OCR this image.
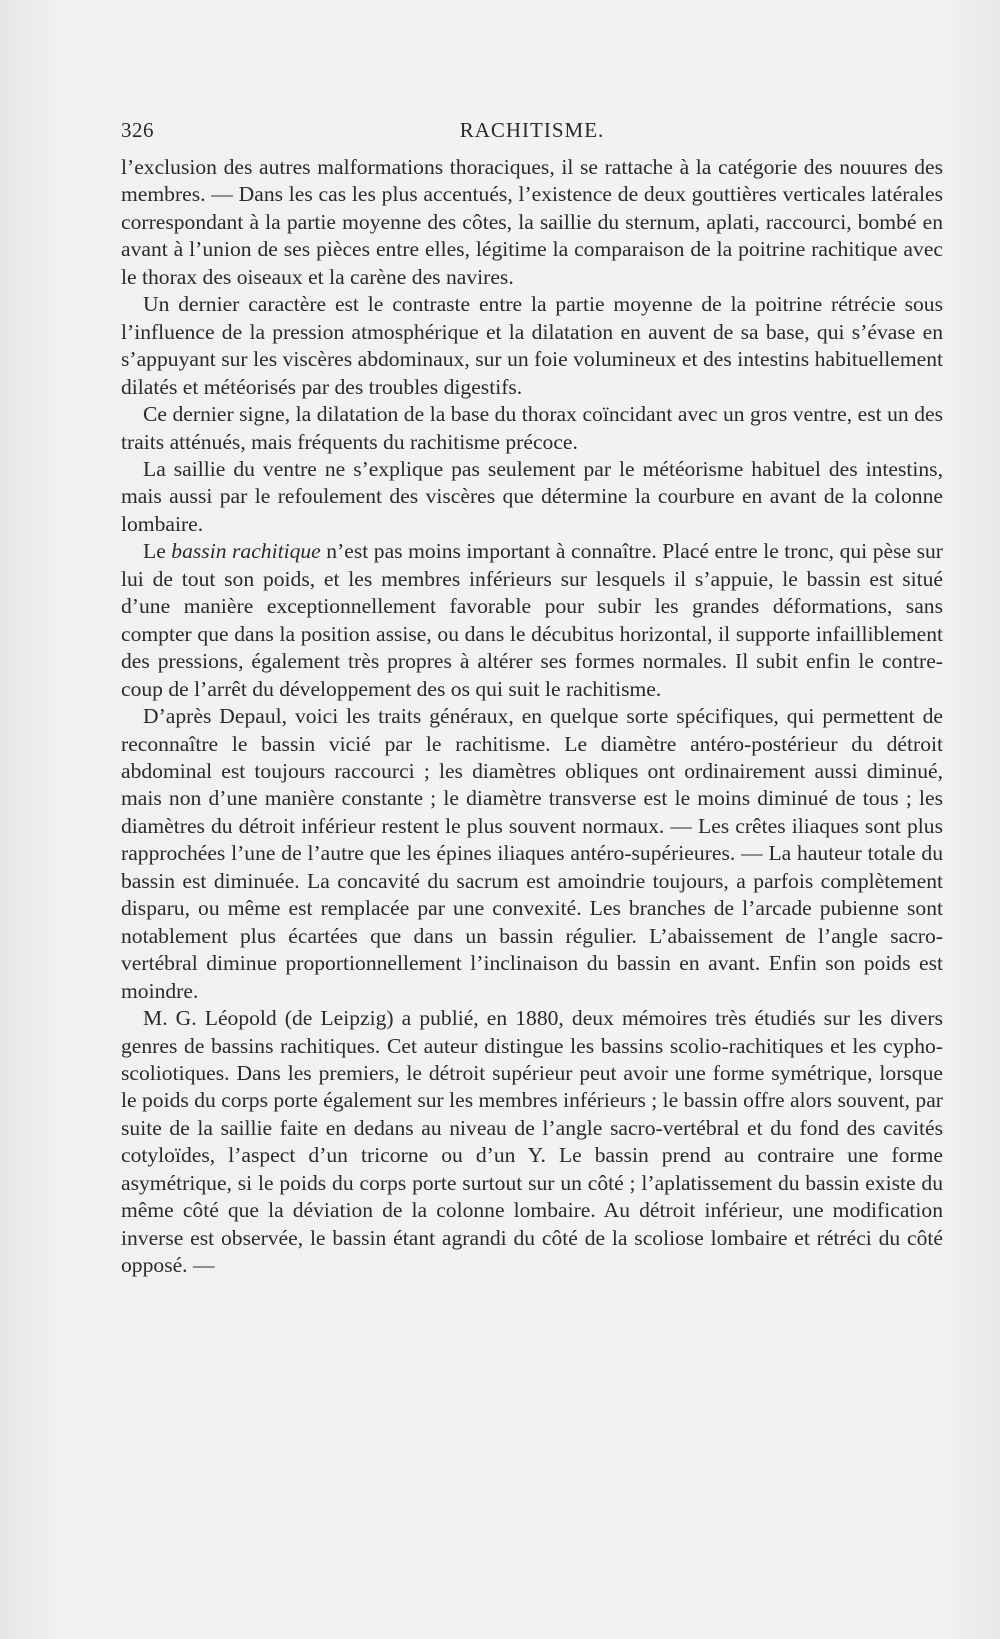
326	RACHITISME.

l’exclusion des autres malformations thoraciques, il se rattache à la catégorie des nouures des membres. — Dans les cas les plus accentués, l’existence de deux gouttières verticales latérales correspondant à la partie moyenne des côtes, la saillie du sternum, aplati, raccourci, bombé en avant à l’union de ses pièces entre elles, légitime la comparaison de la poitrine rachitique avec le thorax des oiseaux et la carène des navires.

Un dernier caractère est le contraste entre la partie moyenne de la poitrine rétrécie sous l’influence de la pression atmosphérique et la dilatation en auvent de sa base, qui s’évase en s’appuyant sur les viscères abdominaux, sur un foie volumineux et des intestins habituellement dilatés et météorisés par des troubles digestifs.

Ce dernier signe, la dilatation de la base du thorax coïncidant avec un gros ventre, est un des traits atténués, mais fréquents du rachitisme précoce.

La saillie du ventre ne s’explique pas seulement par le météorisme habituel des intestins, mais aussi par le refoulement des viscères que détermine la courbure en avant de la colonne lombaire.

Le bassin rachitique n’est pas moins important à connaître. Placé entre le tronc, qui pèse sur lui de tout son poids, et les membres inférieurs sur lesquels il s’appuie, le bassin est situé d’une manière exceptionnellement favorable pour subir les grandes déformations, sans compter que dans la position assise, ou dans le décubitus horizontal, il supporte infailliblement des pressions, également très propres à altérer ses formes normales. Il subit enfin le contre-coup de l’arrêt du développement des os qui suit le rachitisme.

D’après Depaul, voici les traits généraux, en quelque sorte spécifiques, qui permettent de reconnaître le bassin vicié par le rachitisme. Le diamètre antéro-postérieur du détroit abdominal est toujours raccourci ; les diamètres obliques ont ordinairement aussi diminué, mais non d’une manière constante ; le diamètre transverse est le moins diminué de tous ; les diamètres du détroit inférieur restent le plus souvent normaux. — Les crêtes iliaques sont plus rapprochées l’une de l’autre que les épines iliaques antéro-supérieures. — La hauteur totale du bassin est diminuée. La concavité du sacrum est amoindrie toujours, a parfois complètement disparu, ou même est remplacée par une convexité. Les branches de l’arcade pubienne sont notablement plus écartées que dans un bassin régulier. L’abaissement de l’angle sacro-vertébral diminue proportionnellement l’inclinaison du bassin en avant. Enfin son poids est moindre.

M. G. Léopold (de Leipzig) a publié, en 1880, deux mémoires très étudiés sur les divers genres de bassins rachitiques. Cet auteur distingue les bassins scolio-rachitiques et les cypho-scoliotiques. Dans les premiers, le détroit supérieur peut avoir une forme symétrique, lorsque le poids du corps porte également sur les membres inférieurs ; le bassin offre alors souvent, par suite de la saillie faite en dedans au niveau de l’angle sacro-vertébral et du fond des cavités cotyloïdes, l’aspect d’un tricorne ou d’un Y. Le bassin prend au contraire une forme asymétrique, si le poids du corps porte surtout sur un côté ; l’aplatissement du bassin existe du même côté que la déviation de la colonne lombaire. Au détroit inférieur, une modification inverse est observée, le bassin étant agrandi du côté de la scoliose lombaire et rétréci du côté opposé. —
